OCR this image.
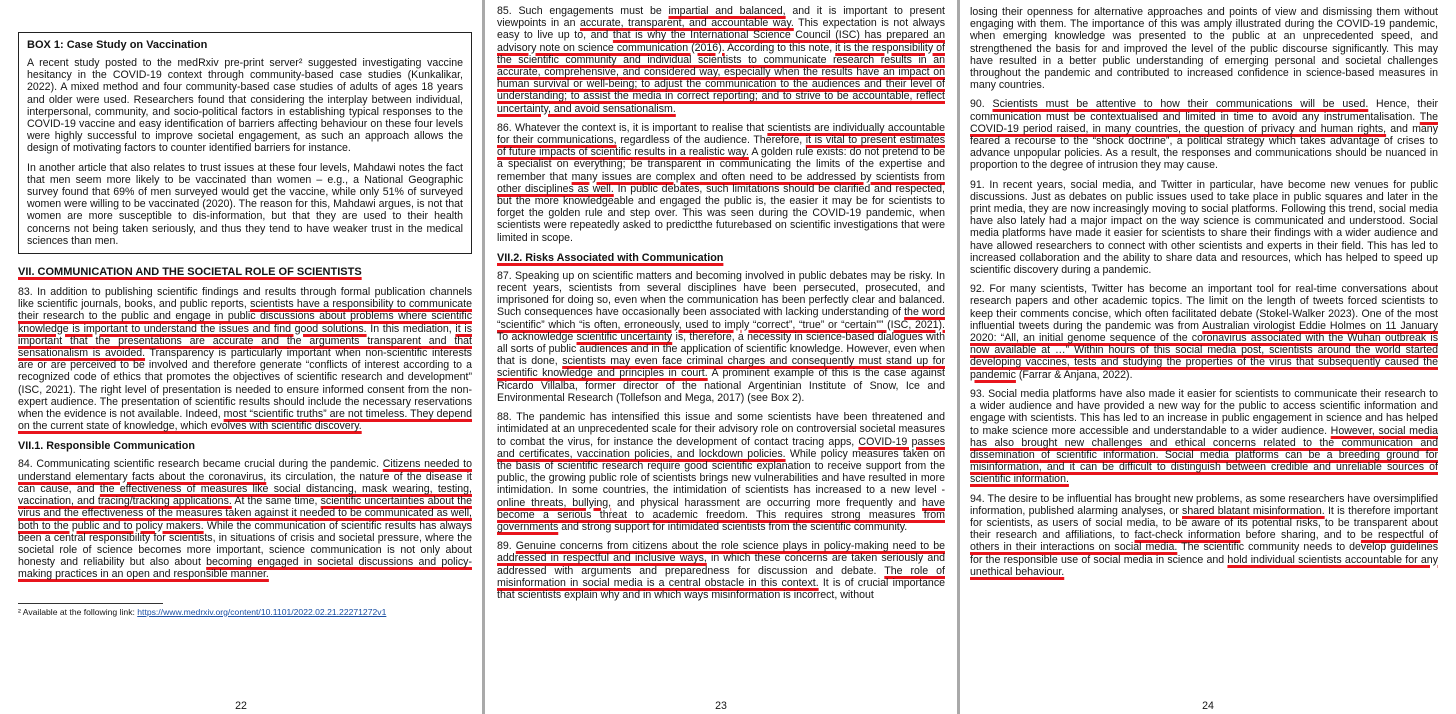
BOX 1: Case Study on Vaccination

A recent study posted to the medRxiv pre-print server² suggested investigating vaccine hesitancy in the COVID-19 context through community-based case studies (Kunkalikar, 2022). A mixed method and four community-based case studies of adults of ages 18 years and older were used. Researchers found that considering the interplay between individual, interpersonal, community, and socio-political factors in establishing typical responses to the COVID-19 vaccine and easy identification of barriers affecting behaviour on these four levels were highly successful to improve societal engagement, as such an approach allows the design of motivating factors to counter identified barriers for instance.

In another article that also relates to trust issues at these four levels, Mahdawi notes the fact that men seem more likely to be vaccinated than women – e.g., a National Geographic survey found that 69% of men surveyed would get the vaccine, while only 51% of surveyed women were willing to be vaccinated (2020). The reason for this, Mahdawi argues, is not that women are more susceptible to dis-information, but that they are used to their health concerns not being taken seriously, and thus they tend to have weaker trust in the medical sciences than men.

VII. COMMUNICATION AND THE SOCIETAL ROLE OF SCIENTISTS
83. In addition to publishing scientific findings and results through formal publication channels like scientific journals, books, and public reports, scientists have a responsibility to communicate their research to the public and engage in public discussions about problems where scientific knowledge is important to understand the issues and find good solutions. In this mediation, it is important that the presentations are accurate and the arguments transparent and that sensationalism is avoided. Transparency is particularly important when non-scientific interests are or are perceived to be involved and therefore generate “conflicts of interest according to a recognized code of ethics that promotes the objectives of scientific research and development” (ISC, 2021). The right level of presentation is needed to ensure informed consent from the non-expert audience. The presentation of scientific results should include the necessary reservations when the evidence is not available. Indeed, most “scientific truths” are not timeless. They depend on the current state of knowledge, which evolves with scientific discovery.
VII.1. Responsible Communication
84. Communicating scientific research became crucial during the pandemic. Citizens needed to understand elementary facts about the coronavirus, its circulation, the nature of the disease it can cause, and the effectiveness of measures like social distancing, mask wearing, testing, vaccination, and tracing/tracking applications. At the same time, scientific uncertainties about the virus and the effectiveness of the measures taken against it needed to be communicated as well, both to the public and to policy makers. While the communication of scientific results has always been a central responsibility for scientists, in situations of crisis and societal pressure, where the societal role of science becomes more important, science communication is not only about honesty and reliability but also about becoming engaged in societal discussions and policy-making practices in an open and responsible manner.
² Available at the following link: https://www.medrxiv.org/content/10.1101/2022.02.21.22271272v1
22
85. Such engagements must be impartial and balanced, and it is important to present viewpoints in an accurate, transparent, and accountable way. This expectation is not always easy to live up to, and that is why the International Science Council (ISC) has prepared an advisory note on science communication (2016). According to this note, it is the responsibility of the scientific community and individual scientists to communicate research results in an accurate, comprehensive, and considered way, especially when the results have an impact on human survival or well-being; to adjust the communication to the audiences and their level of understanding; to assist the media in correct reporting; and to strive to be accountable, reflect uncertainty, and avoid sensationalism.
86. Whatever the context is, it is important to realise that scientists are individually accountable for their communications, regardless of the audience. Therefore, it is vital to present estimates of future impacts of scientific results in a realistic way. A golden rule exists: do not pretend to be a specialist on everything; be transparent in communicating the limits of the expertise and remember that many issues are complex and often need to be addressed by scientists from other disciplines as well. In public debates, such limitations should be clarified and respected, but the more knowledgeable and engaged the public is, the easier it may be for scientists to forget the golden rule and step over. This was seen during the COVID-19 pandemic, when scientists were repeatedly asked to predictthe futurebased on scientific investigations that were limited in scope.
VII.2. Risks Associated with Communication
87. Speaking up on scientific matters and becoming involved in public debates may be risky. In recent years, scientists from several disciplines have been persecuted, prosecuted, and imprisoned for doing so, even when the communication has been perfectly clear and balanced. Such consequences have occasionally been associated with lacking understanding of the word “scientific” which “is often, erroneously, used to imply “correct”, “true” or “certain”” (ISC, 2021). To acknowledge scientific uncertainty is, therefore, a necessity in science-based dialogues with all sorts of public audiences and in the application of scientific knowledge. However, even when that is done, scientists may even face criminal charges and consequently must stand up for scientific knowledge and principles in court. A prominent example of this is the case against Ricardo Villalba, former director of the national Argentinian Institute of Snow, Ice and Environmental Research (Tollefson and Mega, 2017) (see Box 2).
88. The pandemic has intensified this issue and some scientists have been threatened and intimidated at an unprecedented scale for their advisory role on controversial societal measures to combat the virus, for instance the development of contact tracing apps, COVID-19 passes and certificates, vaccination policies, and lockdown policies. While policy measures taken on the basis of scientific research require good scientific explanation to receive support from the public, the growing public role of scientists brings new vulnerabilities and have resulted in more intimidation. In some countries, the intimidation of scientists has increased to a new level - online threats, bullying, and physical harassment are occurring more frequently and have become a serious threat to academic freedom. This requires strong measures from governments and strong support for intimidated scientists from the scientific community.
89. Genuine concerns from citizens about the role science plays in policy-making need to be addressed in respectful and inclusive ways, in which these concerns are taken seriously and addressed with arguments and preparedness for discussion and debate. The role of misinformation in social media is a central obstacle in this context. It is of crucial importance that scientists explain why and in which ways misinformation is incorrect, without
23
losing their openness for alternative approaches and points of view and dismissing them without engaging with them. The importance of this was amply illustrated during the COVID-19 pandemic, when emerging knowledge was presented to the public at an unprecedented speed, and strengthened the basis for and improved the level of the public discourse significantly. This may have resulted in a better public understanding of emerging personal and societal challenges throughout the pandemic and contributed to increased confidence in science-based measures in many countries.
90. Scientists must be attentive to how their communications will be used. Hence, their communication must be contextualised and limited in time to avoid any instrumentalisation. The COVID-19 period raised, in many countries, the question of privacy and human rights, and many feared a recourse to the “shock doctrine”, a political strategy which takes advantage of crises to advance unpopular policies. As a result, the responses and communications should be nuanced in proportion to the degree of intrusion they may cause.
91. In recent years, social media, and Twitter in particular, have become new venues for public discussions. Just as debates on public issues used to take place in public squares and later in the print media, they are now increasingly moving to social platforms. Following this trend, social media have also lately had a major impact on the way science is communicated and understood. Social media platforms have made it easier for scientists to share their findings with a wider audience and have allowed researchers to connect with other scientists and experts in their field. This has led to increased collaboration and the ability to share data and resources, which has helped to speed up scientific discovery during a pandemic.
92. For many scientists, Twitter has become an important tool for real-time conversations about research papers and other academic topics. The limit on the length of tweets forced scientists to keep their comments concise, which often facilitated debate (Stokel-Walker 2023). One of the most influential tweets during the pandemic was from Australian virologist Eddie Holmes on 11 January 2020: “All, an initial genome sequence of the coronavirus associated with the Wuhan outbreak is now available at …” Within hours of this social media post, scientists around the world started developing vaccines, tests and studying the properties of the virus that subsequently caused the pandemic (Farrar & Anjana, 2022).
93. Social media platforms have also made it easier for scientists to communicate their research to a wider audience and have provided a new way for the public to access scientific information and engage with scientists. This has led to an increase in public engagement in science and has helped to make science more accessible and understandable to a wider audience. However, social media has also brought new challenges and ethical concerns related to the communication and dissemination of scientific information. Social media platforms can be a breeding ground for misinformation, and it can be difficult to distinguish between credible and unreliable sources of scientific information.
94. The desire to be influential has brought new problems, as some researchers have oversimplified information, published alarming analyses, or shared blatant misinformation. It is therefore important for scientists, as users of social media, to be aware of its potential risks, to be transparent about their research and affiliations, to fact-check information before sharing, and to be respectful of others in their interactions on social media. The scientific community needs to develop guidelines for the responsible use of social media in science and hold individual scientists accountable for any unethical behaviour.
24
